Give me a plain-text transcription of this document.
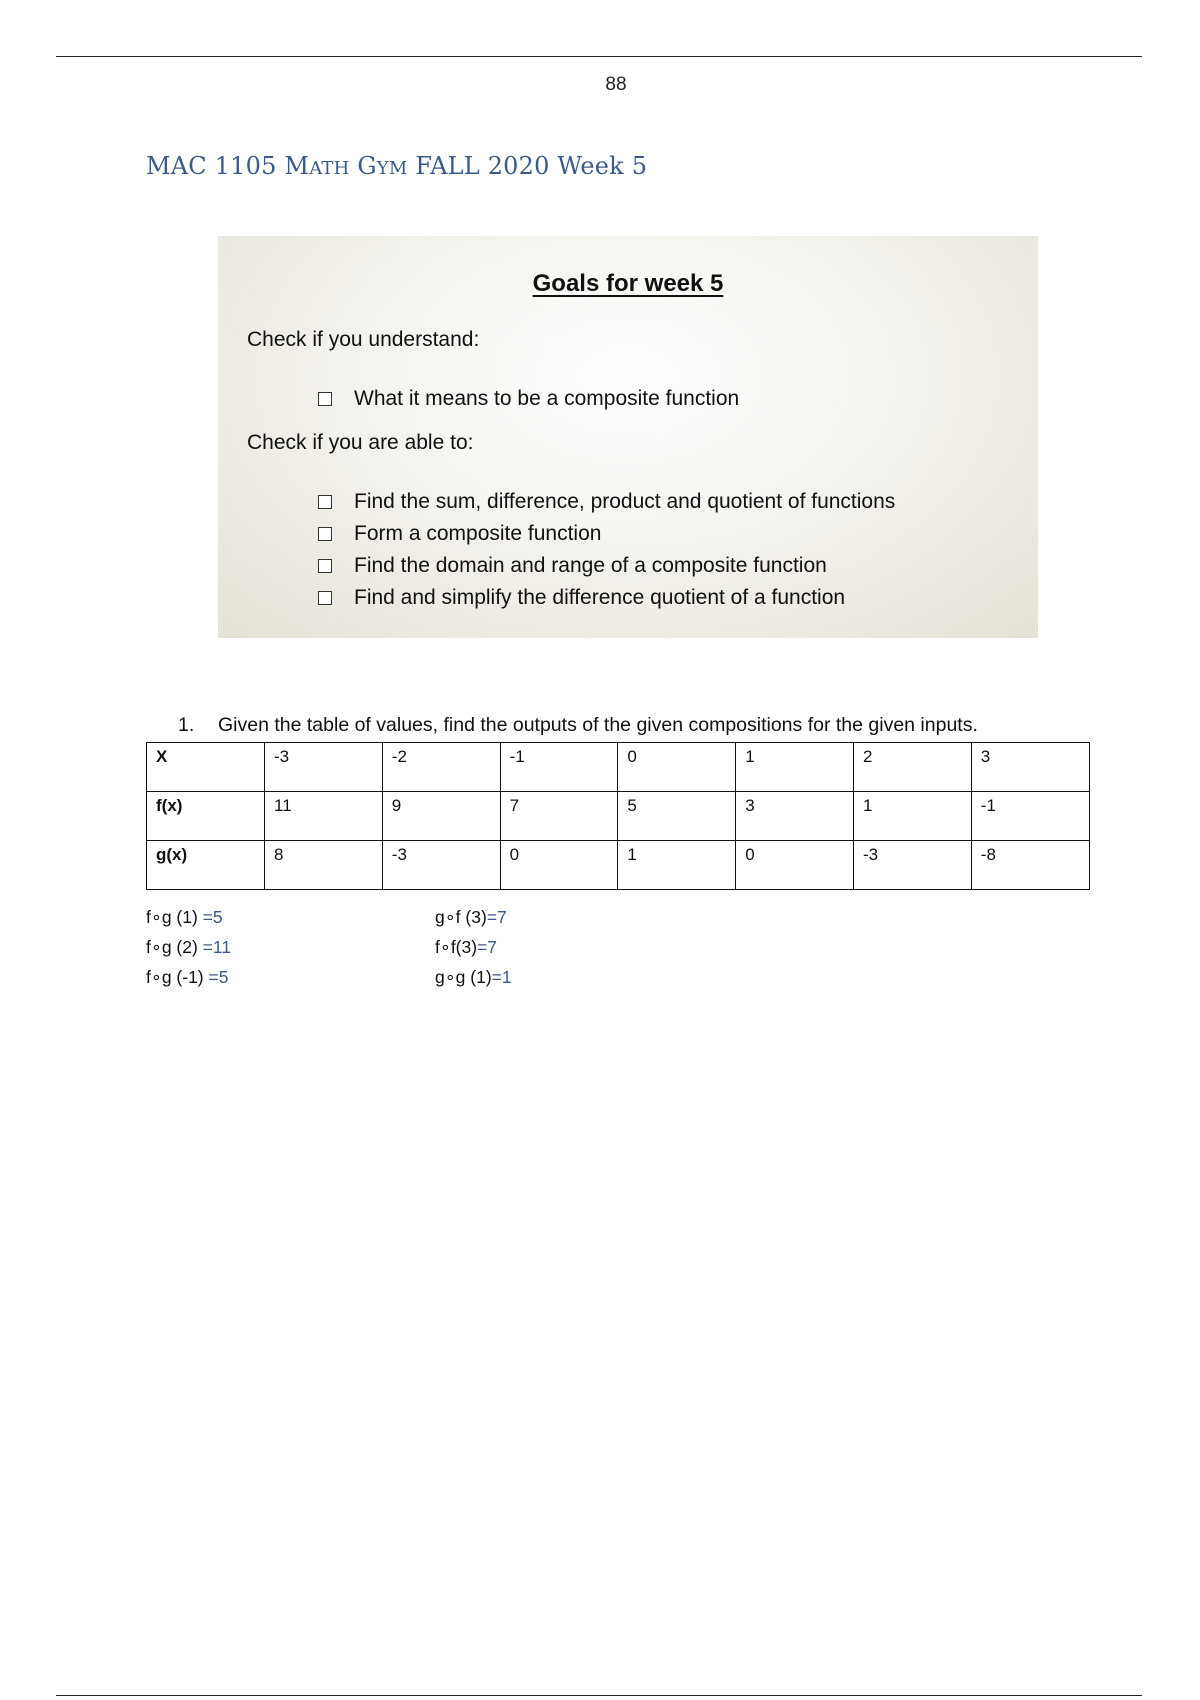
88
MAC 1105 MATH GYM FALL 2020 Week 5
Goals for week 5
Check if you understand:
What it means to be a composite function
Check if you are able to:
Find the sum, difference, product and quotient of functions
Form a composite function
Find the domain and range of a composite function
Find and simplify the difference quotient of a function
1. Given the table of values, find the outputs of the given compositions for the given inputs.
X	-3	-2	-1	0	1	2	3
f(x)	11	9	7	5	3	1	-1
g(x)	8	-3	0	1	0	-3	-8
f∘g (1) =5
f∘g (2) =11
f∘g (-1) =5
g∘f (3)=7
f∘f(3)=7
g∘g (1)=1
